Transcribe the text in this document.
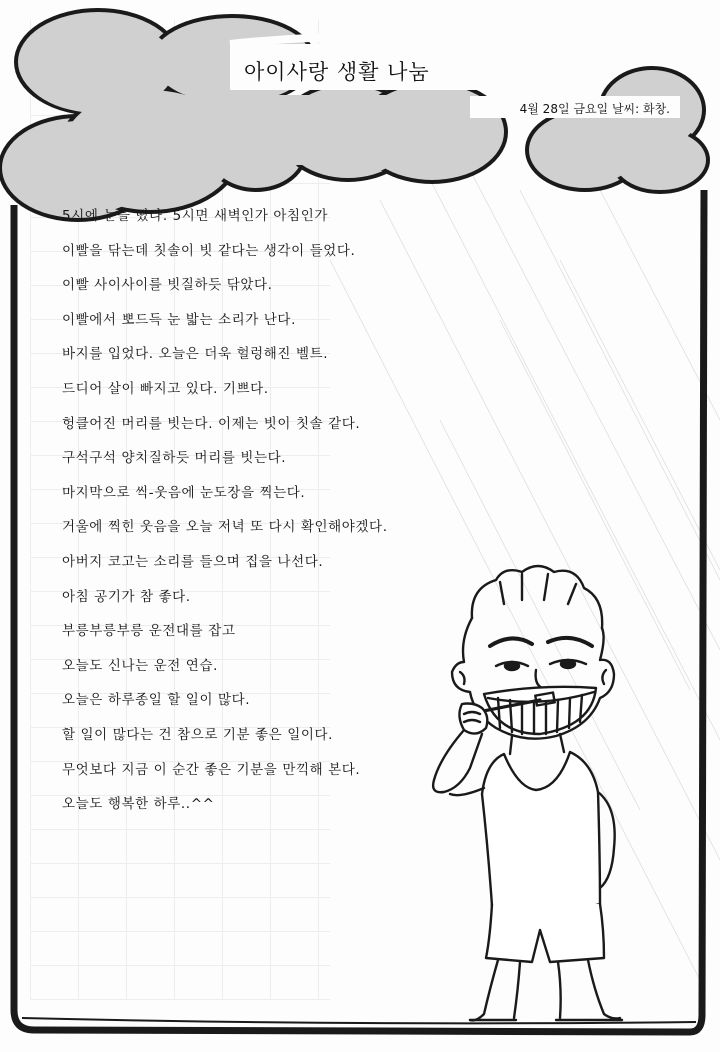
아이사랑 생활 나눔
4월 28일 금요일 날씨: 화창.
5시에 눈을 떴다. 5시면 새벽인가 아침인가
이빨을 닦는데 칫솔이 빗 같다는 생각이 들었다.
이빨 사이사이를 빗질하듯 닦았다.
이빨에서 뽀드득 눈 밟는 소리가 난다.
바지를 입었다. 오늘은 더욱 헐렁해진 벨트.
드디어 살이 빠지고 있다. 기쁘다.
헝클어진 머리를 빗는다. 이제는 빗이 칫솔 같다.
구석구석 양치질하듯 머리를 빗는다.
마지막으로 씩-웃음에 눈도장을 찍는다.
거울에 찍힌 웃음을 오늘 저녁 또 다시 확인해야겠다.
아버지 코고는 소리를 들으며 집을 나선다.
아침 공기가 참 좋다.
부릉부릉부릉 운전대를 잡고
오늘도 신나는 운전 연습.
오늘은 하루종일 할 일이 많다.
할 일이 많다는 건 참으로 기분 좋은 일이다.
무엇보다 지금 이 순간 좋은 기분을 만끽해 본다.
오늘도 행복한 하루..^^
